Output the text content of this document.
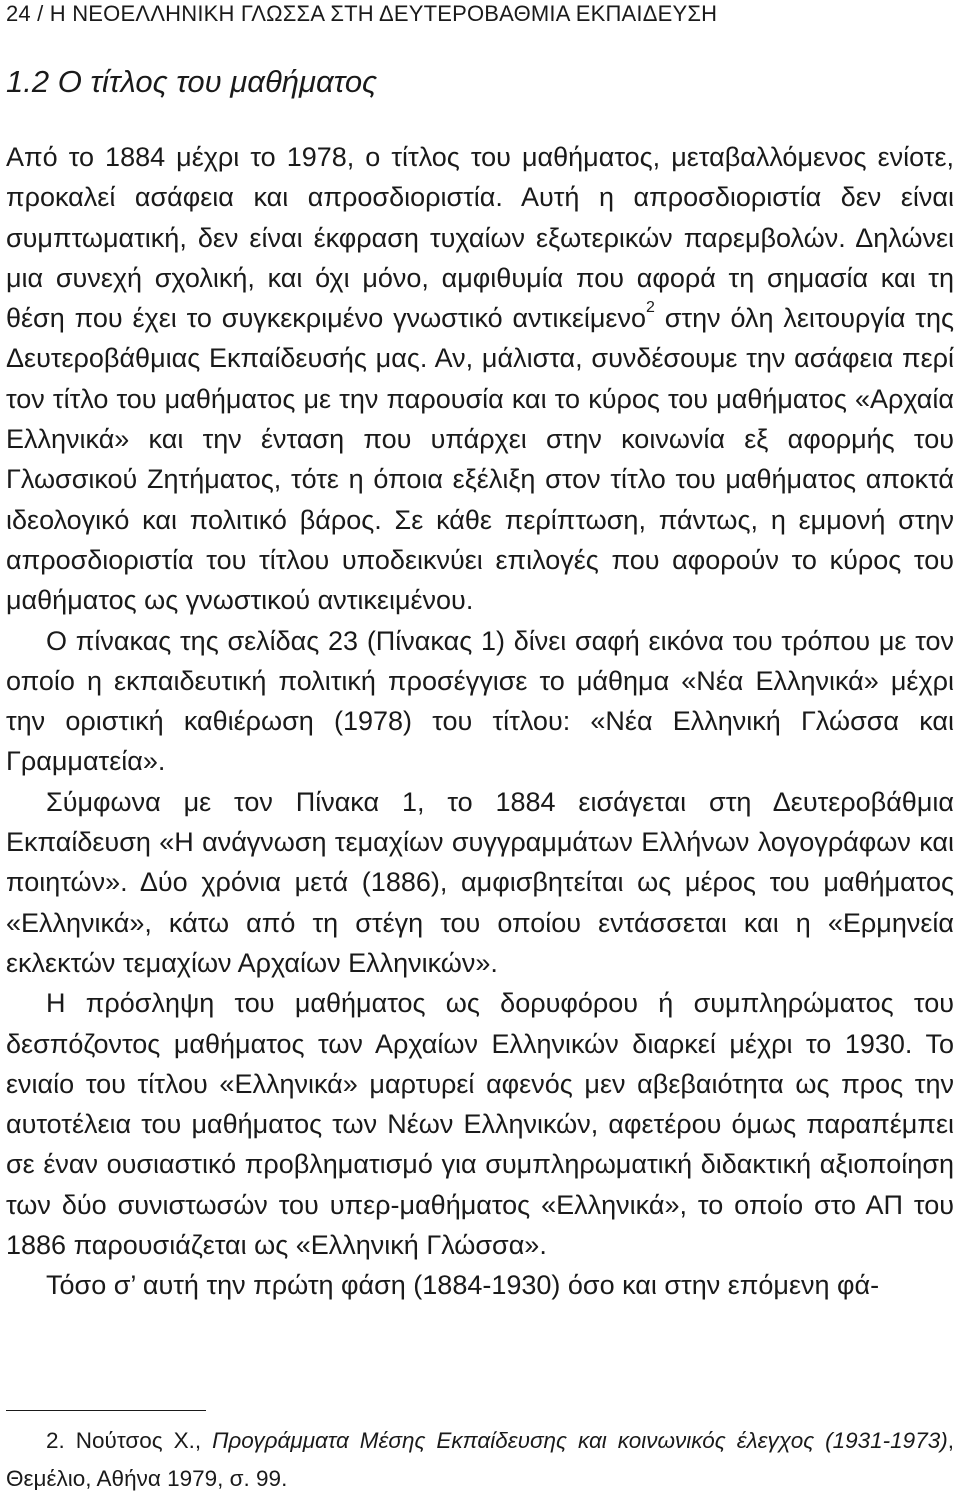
24 / Η ΝΕΟΕΛΛΗΝΙΚΗ ΓΛΩΣΣΑ ΣΤΗ ΔΕΥΤΕΡΟΒΑΘΜΙΑ ΕΚΠΑΙΔΕΥΣΗ
1.2 Ο τίτλος του μαθήματος

Από το 1884 μέχρι το 1978, ο τίτλος του μαθήματος, μεταβαλλόμενος ενίοτε, προκαλεί ασάφεια και απροσδιοριστία. Αυτή η απροσδιοριστία δεν είναι συμπτωματική, δεν είναι έκφραση τυχαίων εξωτερικών παρεμβολών. Δηλώνει μια συνεχή σχολική, και όχι μόνο, αμφιθυμία που αφορά τη σημασία και τη θέση που έχει το συγκεκριμένο γνωστικό αντικείμενο$^2$ στην όλη λειτουργία της Δευτεροβάθμιας Εκπαίδευσής μας. Αν, μάλιστα, συνδέσουμε την ασάφεια περί τον τίτλο του μαθήματος με την παρουσία και το κύρος του μαθήματος «Αρχαία Ελληνικά» και την ένταση που υπάρχει στην κοινωνία εξ αφορμής του Γλωσσικού Ζητήματος, τότε η όποια εξέλιξη στον τίτλο του μαθήματος αποκτά ιδεολογικό και πολιτικό βάρος. Σε κάθε περίπτωση, πάντως, η εμμονή στην απροσδιοριστία του τίτλου υποδεικνύει επιλογές που αφορούν το κύρος του μαθήματος ως γνωστικού αντικειμένου.

Ο πίνακας της σελίδας 23 (Πίνακας 1) δίνει σαφή εικόνα του τρόπου με τον οποίο η εκπαιδευτική πολιτική προσέγγισε το μάθημα «Νέα Ελληνικά» μέχρι την οριστική καθιέρωση (1978) του τίτλου: «Νέα Ελληνική Γλώσσα και Γραμματεία».

Σύμφωνα με τον Πίνακα 1, το 1884 εισάγεται στη Δευτεροβάθμια Εκπαίδευση «Η ανάγνωση τεμαχίων συγγραμμάτων Ελλήνων λογογράφων και ποιητών». Δύο χρόνια μετά (1886), αμφισβητείται ως μέρος του μαθήματος «Ελληνικά», κάτω από τη στέγη του οποίου εντάσσεται και η «Ερμηνεία εκλεκτών τεμαχίων Αρχαίων Ελληνικών».

Η πρόσληψη του μαθήματος ως δορυφόρου ή συμπληρώματος του δεσπόζοντος μαθήματος των Αρχαίων Ελληνικών διαρκεί μέχρι το 1930. Το ενιαίο του τίτλου «Ελληνικά» μαρτυρεί αφενός μεν αβεβαιότητα ως προς την αυτοτέλεια του μαθήματος των Νέων Ελληνικών, αφετέρου όμως παραπέμπει σε έναν ουσιαστικό προβληματισμό για συμπληρωματική διδακτική αξιοποίηση των δύο συνιστωσών του υπερ-μαθήματος «Ελληνικά», το οποίο στο ΑΠ του 1886 παρουσιάζεται ως «Ελληνική Γλώσσα».

Τόσο σ’ αυτή την πρώτη φάση (1884-1930) όσο και στην επόμενη φά-

2. Νούτσος Χ., Προγράμματα Μέσης Εκπαίδευσης και κοινωνικός έλεγχος (1931-1973), Θεμέλιο, Αθήνα 1979, σ. 99.
